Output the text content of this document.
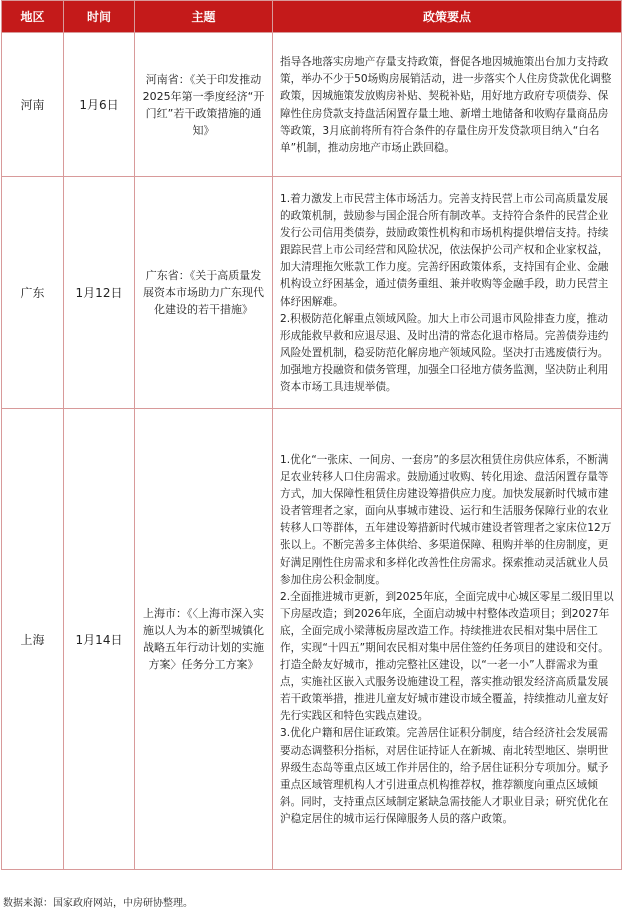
地区	时间	主题	政策要点
河南	1月6日	河南省：《关于印发推动2025年第一季度经济“开门红”若干政策措施的通知》	指导各地落实房地产存量支持政策，督促各地因城施策出台加力支持政策，举办不少于50场购房展销活动，进一步落实个人住房贷款优化调整政策，因城施策发放购房补贴、契税补贴，用好地方政府专项债券、保障性住房贷款支持盘活闲置存量土地、新增土地储备和收购存量商品房等政策，3月底前将所有符合条件的存量住房开发贷款项目纳入“白名单”机制，推动房地产市场止跌回稳。

广东	1月12日	广东省：《关于高质量发展资本市场助力广东现代化建设的若干措施》	1.着力激发上市民营主体市场活力。完善支持民营上市公司高质量发展的政策机制，鼓励参与国企混合所有制改革。支持符合条件的民营企业发行公司信用类债券，鼓励政策性机构和市场机构提供增信支持。持续跟踪民营上市公司经营和风险状况，依法保护公司产权和企业家权益，加大清理拖欠账款工作力度。完善纾困政策体系，支持国有企业、金融机构设立纾困基金，通过债务重组、兼并收购等金融手段，助力民营主体纾困解难。
2.积极防范化解重点领域风险。加大上市公司退市风险排查力度，推动形成能救早救和应退尽退、及时出清的常态化退市格局。完善债券违约风险处置机制，稳妥防范化解房地产领域风险。坚决打击逃废债行为。加强地方投融资和债务管理，加强全口径地方债务监测，坚决防止利用资本市场工具违规举债。

上海	1月14日	上海市：《〈上海市深入实施以人为本的新型城镇化战略五年行动计划的实施方案〉任务分工方案》	1.优化“一张床、一间房、一套房”的多层次租赁住房供应体系，不断满足农业转移人口住房需求。鼓励通过收购、转化用途、盘活闲置存量等方式，加大保障性租赁住房建设筹措供应力度。加快发展新时代城市建设者管理者之家，面向从事城市建设、运行和生活服务保障行业的农业转移人口等群体，五年建设筹措新时代城市建设者管理者之家床位12万张以上。不断完善多主体供给、多渠道保障、租购并举的住房制度，更好满足刚性住房需求和多样化改善性住房需求。探索推动灵活就业人员参加住房公积金制度。
2.全面推进城市更新，到2025年底，全面完成中心城区零星二级旧里以下房屋改造；到2026年底，全面启动城中村整体改造项目；到2027年底，全面完成小梁薄板房屋改造工作。持续推进农民相对集中居住工作，实现“十四五”期间农民相对集中居住签约任务项目的建设和交付。打造全龄友好城市，推动完整社区建设，以“一老一小”人群需求为重点，实施社区嵌入式服务设施建设工程，落实推动银发经济高质量发展若干政策举措，推进儿童友好城市建设市域全覆盖，持续推动儿童友好先行实践区和特色实践点建设。
3.优化户籍和居住证政策。完善居住证积分制度，结合经济社会发展需要动态调整积分指标，对居住证持证人在新城、南北转型地区、崇明世界级生态岛等重点区域工作并居住的，给予居住证积分专项加分。赋予重点区域管理机构人才引进重点机构推荐权，推荐额度向重点区域倾斜。同时，支持重点区域制定紧缺急需技能人才职业目录；研究优化在沪稳定居住的城市运行保障服务人员的落户政策。
数据来源：国家政府网站，中房研协整理。
